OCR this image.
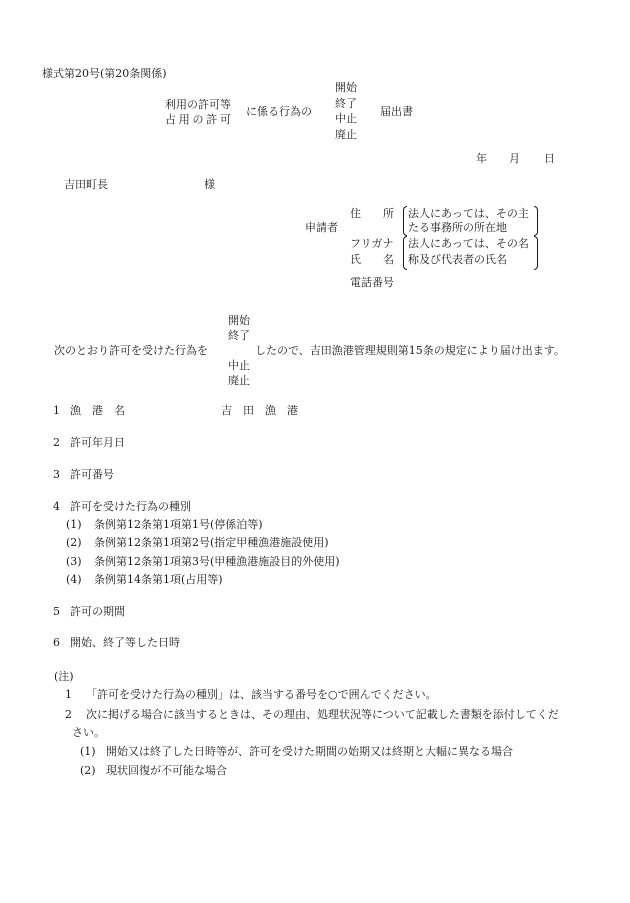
様式第20号(第20条関係)
利用の許可等
占用の許可
に係る行為の
開始
終了
中止
廃止
届出書
年 月 日
吉田町長	様
申請者
住　　所 法人にあっては、その主
たる事務所の所在地
フリガナ
氏　　名
法人にあっては、その名
称及び代表者の氏名
電話番号
次のとおり許可を受けた行為を
開始
終了
中止
廃止
したので、吉田漁港管理規則第15条の規定により届け出ます。
1 漁　港　名	吉　田　漁　港
2 許可年月日
3 許可番号
4 許可を受けた行為の種別
(1) 条例第12条第1項第1号(停係泊等)
(2) 条例第12条第1項第2号(指定甲種漁港施設使用)
(3) 条例第12条第1項第3号(甲種漁港施設目的外使用)
(4) 条例第14条第1項(占用等)
5 許可の期間
6 開始、終了等した日時
(注)
1 「許可を受けた行為の種別」は、該当する番号を○で囲んでください。
2 次に掲げる場合に該当するときは、その理由、処理状況等について記載した書類を添付してくだ
さい。
(1) 開始又は終了した日時等が、許可を受けた期間の始期又は終期と大幅に異なる場合
(2) 現状回復が不可能な場合
